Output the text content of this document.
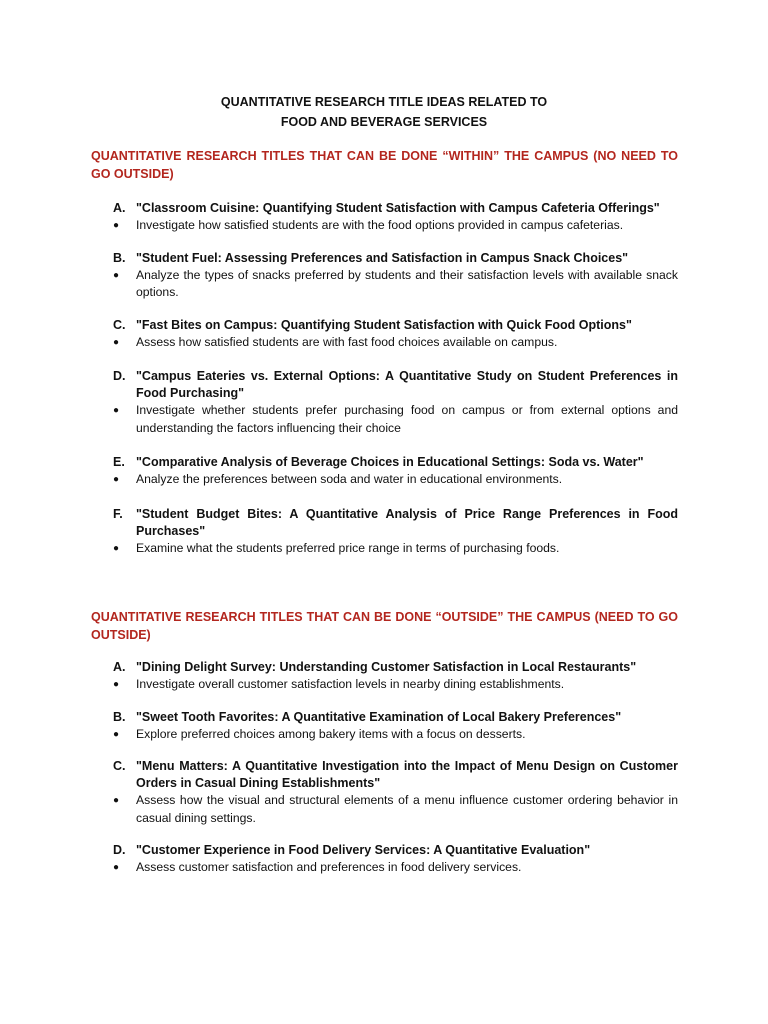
QUANTITATIVE RESEARCH TITLE IDEAS RELATED TO
FOOD AND BEVERAGE SERVICES

QUANTITATIVE RESEARCH TITLES THAT CAN BE DONE “WITHIN” THE CAMPUS (NO NEED TO GO OUTSIDE)

A. "Classroom Cuisine: Quantifying Student Satisfaction with Campus Cafeteria Offerings"
● Investigate how satisfied students are with the food options provided in campus cafeterias.
B. "Student Fuel: Assessing Preferences and Satisfaction in Campus Snack Choices"
● Analyze the types of snacks preferred by students and their satisfaction levels with available snack options.
C. "Fast Bites on Campus: Quantifying Student Satisfaction with Quick Food Options"
● Assess how satisfied students are with fast food choices available on campus.
D. "Campus Eateries vs. External Options: A Quantitative Study on Student Preferences in Food Purchasing"
● Investigate whether students prefer purchasing food on campus or from external options and understanding the factors influencing their choice
E. "Comparative Analysis of Beverage Choices in Educational Settings: Soda vs. Water"
● Analyze the preferences between soda and water in educational environments.
F. "Student Budget Bites: A Quantitative Analysis of Price Range Preferences in Food Purchases"
● Examine what the students preferred price range in terms of purchasing foods.

QUANTITATIVE RESEARCH TITLES THAT CAN BE DONE “OUTSIDE” THE CAMPUS (NEED TO GO OUTSIDE)

A. "Dining Delight Survey: Understanding Customer Satisfaction in Local Restaurants"
● Investigate overall customer satisfaction levels in nearby dining establishments.
B. "Sweet Tooth Favorites: A Quantitative Examination of Local Bakery Preferences"
● Explore preferred choices among bakery items with a focus on desserts.
C. "Menu Matters: A Quantitative Investigation into the Impact of Menu Design on Customer Orders in Casual Dining Establishments"
● Assess how the visual and structural elements of a menu influence customer ordering behavior in casual dining settings.
D. "Customer Experience in Food Delivery Services: A Quantitative Evaluation"
● Assess customer satisfaction and preferences in food delivery services.
